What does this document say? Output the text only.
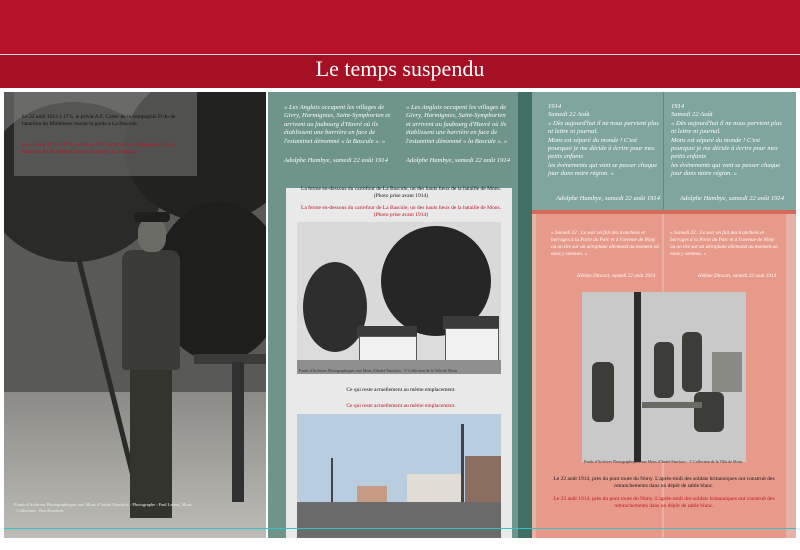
Le temps suspendu
Le 22 août 1914 à 17 h, le privat A.F. Carter de la compagnie D du 4e bataillon du Middlesex monte la garde à La Bascule.
Le 22 août 1914 à 17 h, le privat A.F. Carter de la compagnie D du 4e bataillon du Middlesex monte la garde à La Bascule.
Fonds d'Archives Photographiques aux Mons d'André Fauchois · Photographe : Paul Lebon, Mons · Collection : Nos Bourbon
« Les Anglais occupent les villages de Givry, Harmignies, Saint-Symphorien et arrivent au faubourg d'Havré où ils établissent une barrière en face de l'estaminet dénommé « la Bascule ». »
Adolphe Hambye, samedi 22 août 1914
« Les Anglais occupent les villages de Givry, Harmignies, Saint-Symphorien et arrivent au faubourg d'Havré où ils établissent une barrière en face de l'estaminet dénommé « la Bascule ». »
Adolphe Hambye, samedi 22 août 1914
La ferme en-dessous du carrefour de La Bascule, un des hauts lieux de la bataille de Mons. (Photo prise avant 1914)
La ferme en-dessous du carrefour de La Bascule, un des hauts lieux de la bataille de Mons. (Photo prise avant 1914)
Fonds d'Archives Photographiques aux Mons d'André Fauchois · © Collection de la Ville de Mons
Ce qui reste actuellement au même emplacement.
Ce qui reste actuellement au même emplacement.
1914
Samedi 22 Août
« Dès aujourd'hui il ne nous parvient plus ni lettre ni journal.
Mons est séparé du monde ! C'est pourquoi je me décide à écrire pour mes petits enfants
les événements qui vont se passer chaque jour dans notre région. »
Adolphe Hambye, samedi 22 août 1914
1914
Samedi 22 Août
« Dès aujourd'hui il ne nous parvient plus ni lettre ni journal.
Mons est séparé du monde ! C'est pourquoi je me décide à écrire pour mes petits enfants
les événements qui vont se passer chaque jour dans notre région. »
Adolphe Hambye, samedi 22 août 1914
« Samedi 22 : Le soir on fait des tranchées et barrages à la Porte du Parc et à l'avenue de Nimy où on tire sur un aéroplane allemand au moment où nous y sommes. »
Hélène Dincart, samedi 22 août 1914
« Samedi 22 : Le soir on fait des tranchées et barrages à la Porte du Parc et à l'avenue de Nimy où on tire sur un aéroplane allemand au moment où nous y sommes. »
Hélène Dincart, samedi 22 août 1914
Fonds d'Archives Photographiques aux Mons d'André Fauchois · © Collection de la Ville de Mons
Le 22 août 1914, près du pont route du Nimy. L'après-midi des soldats britanniques ont construit des retranchements dans un dépôt de sable blanc.
Le 22 août 1914, près du pont route du Nimy. L'après-midi des soldats britanniques ont construit des retranchements dans un dépôt de sable blanc.
